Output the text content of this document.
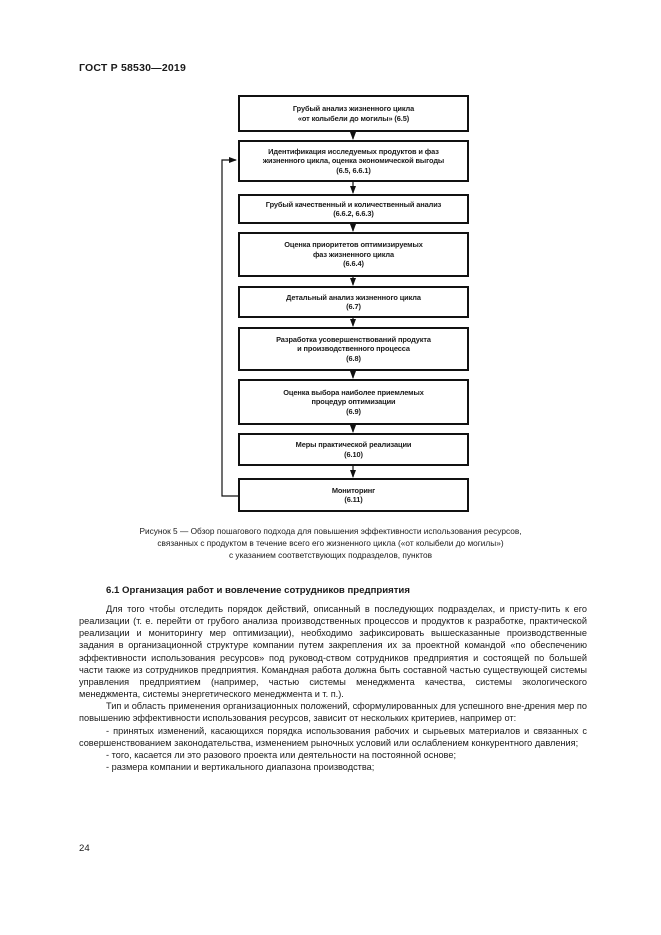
ГОСТ Р 58530—2019
Грубый анализ жизненного цикла
«от колыбели до могилы» (6.5)
Идентификация исследуемых продуктов и фаз
жизненного цикла, оценка экономической выгоды
(6.5, 6.6.1)
Грубый качественный и количественный анализ
(6.6.2, 6.6.3)
Оценка приоритетов оптимизируемых
фаз жизненного цикла
(6.6.4)
Детальный анализ жизненного цикла
(6.7)
Разработка усовершенствований продукта
и производственного процесса
(6.8)
Оценка выбора наиболее приемлемых
процедур оптимизации
(6.9)
Меры практической реализации
(6.10)
Мониторинг
(6.11)
Рисунок 5 — Обзор пошагового подхода для повышения эффективности использования ресурсов,
связанных с продуктом в течение всего его жизненного цикла («от колыбели до могилы»)
с указанием соответствующих подразделов, пунктов
6.1 Организация работ и вовлечение сотрудников предприятия

Для того чтобы отследить порядок действий, описанный в последующих подразделах, и присту-пить к его реализации (т. е. перейти от грубого анализа производственных процессов и продуктов к разработке, практической реализации и мониторингу мер оптимизации), необходимо зафиксировать вышесказанные производственные задания в организационной структуре компании путем закрепления их за проектной командой «по обеспечению эффективности использования ресурсов» под руковод-ством сотрудников предприятия и состоящей по большей части также из сотрудников предприятия. Командная работа должна быть составной частью существующей системы управления предприятием (например, частью системы менеджмента качества, системы экологического менеджмента, системы энергетического менеджмента и т. п.).

Тип и область применения организационных положений, сформулированных для успешного вне-дрения мер по повышению эффективности использования ресурсов, зависит от нескольких критериев, например от:

- принятых изменений, касающихся порядка использования рабочих и сырьевых материалов и связанных с совершенствованием законодательства, изменением рыночных условий или ослаблением конкурентного давления;

- того, касается ли это разового проекта или деятельности на постоянной основе;

- размера компании и вертикального диапазона производства;

24
